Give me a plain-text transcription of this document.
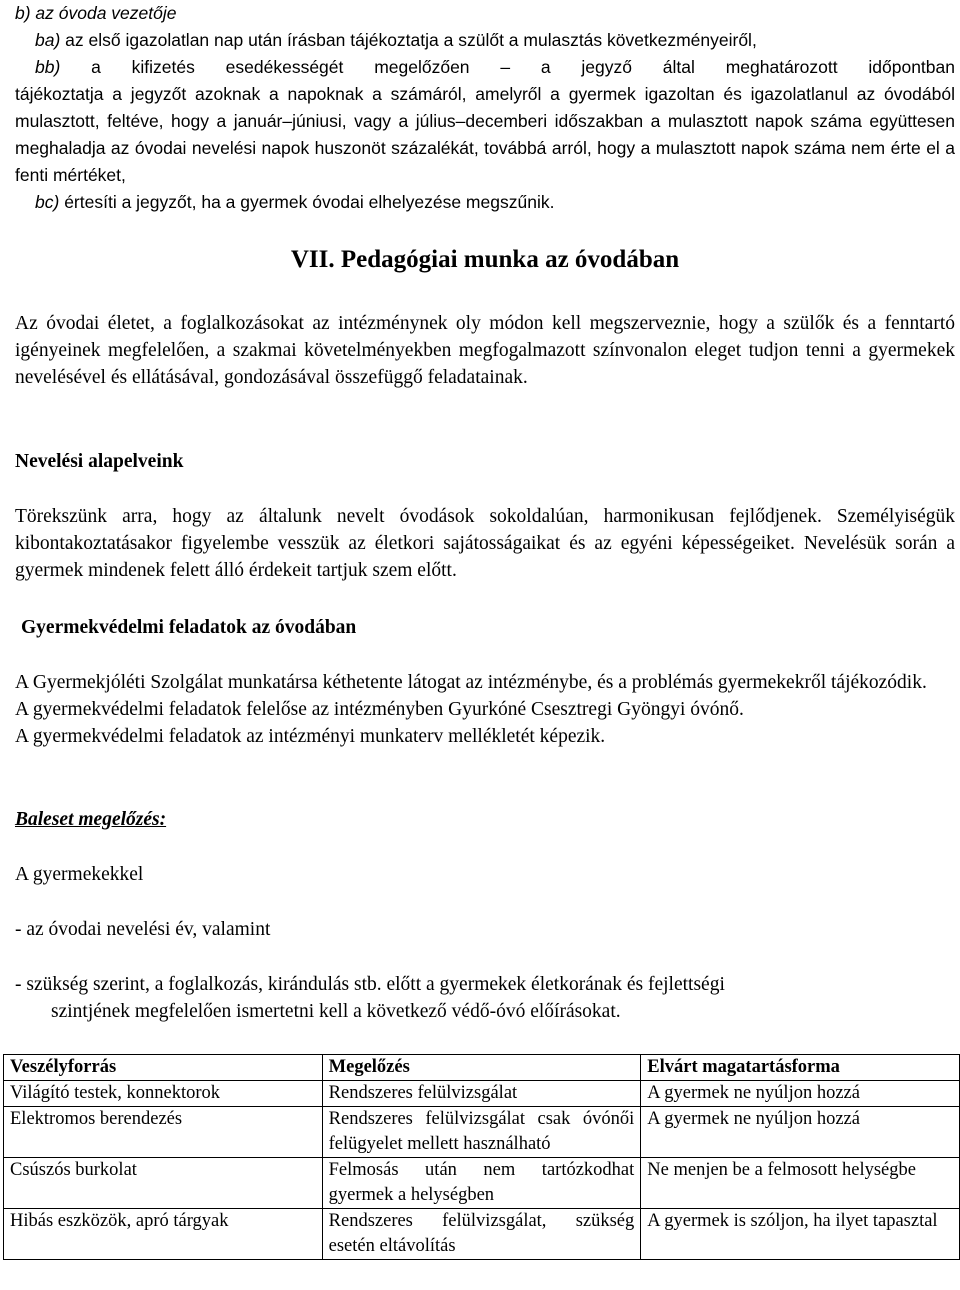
b) az óvoda vezetője

ba) az első igazolatlan nap után írásban tájékoztatja a szülőt a mulasztás következményeiről,

bb) a kifizetés esedékességét megelőzően – a jegyző által meghatározott időpontban

tájékoztatja a jegyzőt azoknak a napoknak a számáról, amelyről a gyermek igazoltan és igazolatlanul az óvodából mulasztott, feltéve, hogy a január–júniusi, vagy a július–decemberi időszakban a mulasztott napok száma együttesen meghaladja az óvodai nevelési napok huszonöt százalékát, továbbá arról, hogy a mulasztott napok száma nem érte el a fenti mértéket,

bc) értesíti a jegyzőt, ha a gyermek óvodai elhelyezése megszűnik.

VII. Pedagógiai munka az óvodában

Az óvodai életet, a foglalkozásokat az intézménynek oly módon kell megszerveznie, hogy a szülők és a fenntartó igényeinek megfelelően, a szakmai követelményekben megfogalmazott színvonalon eleget tudjon tenni a gyermekek nevelésével és ellátásával, gondozásával összefüggő feladatainak.

Nevelési alapelveink

Törekszünk arra, hogy az általunk nevelt óvodások sokoldalúan, harmonikusan fejlődjenek. Személyiségük kibontakoztatásakor figyelembe vesszük az életkori sajátosságaikat és az egyéni képességeiket. Nevelésük során a gyermek mindenek felett álló érdekeit tartjuk szem előtt.

Gyermekvédelmi feladatok az óvodában

A Gyermekjóléti Szolgálat munkatársa kéthetente látogat az intézménybe, és a problémás gyermekekről tájékozódik.

A gyermekvédelmi feladatok felelőse az intézményben Gyurkóné Csesztregi Gyöngyi óvónő.

A gyermekvédelmi feladatok az intézményi munkaterv mellékletét képezik.

Baleset megelőzés:

A gyermekekkel

- az óvodai nevelési év, valamint

- szükség szerint, a foglalkozás, kirándulás stb. előtt a gyermekek életkorának és fejlettségi

szintjének megfelelően ismertetni kell a következő védő-óvó előírásokat.

Veszélyforrás	Megelőzés	Elvárt magatartásforma
Világító testek, konnektorok	Rendszeres felülvizsgálat	A gyermek ne nyúljon hozzá
Elektromos berendezés	Rendszeres felülvizsgálat csak óvónői felügyelet mellett használható	A gyermek ne nyúljon hozzá
Csúszós burkolat	Felmosás után nem tartózkodhat gyermek a helységben	Ne menjen be a felmosott helységbe
Hibás eszközök, apró tárgyak	Rendszeres felülvizsgálat, szükség esetén eltávolítás	A gyermek is szóljon, ha ilyet tapasztal
